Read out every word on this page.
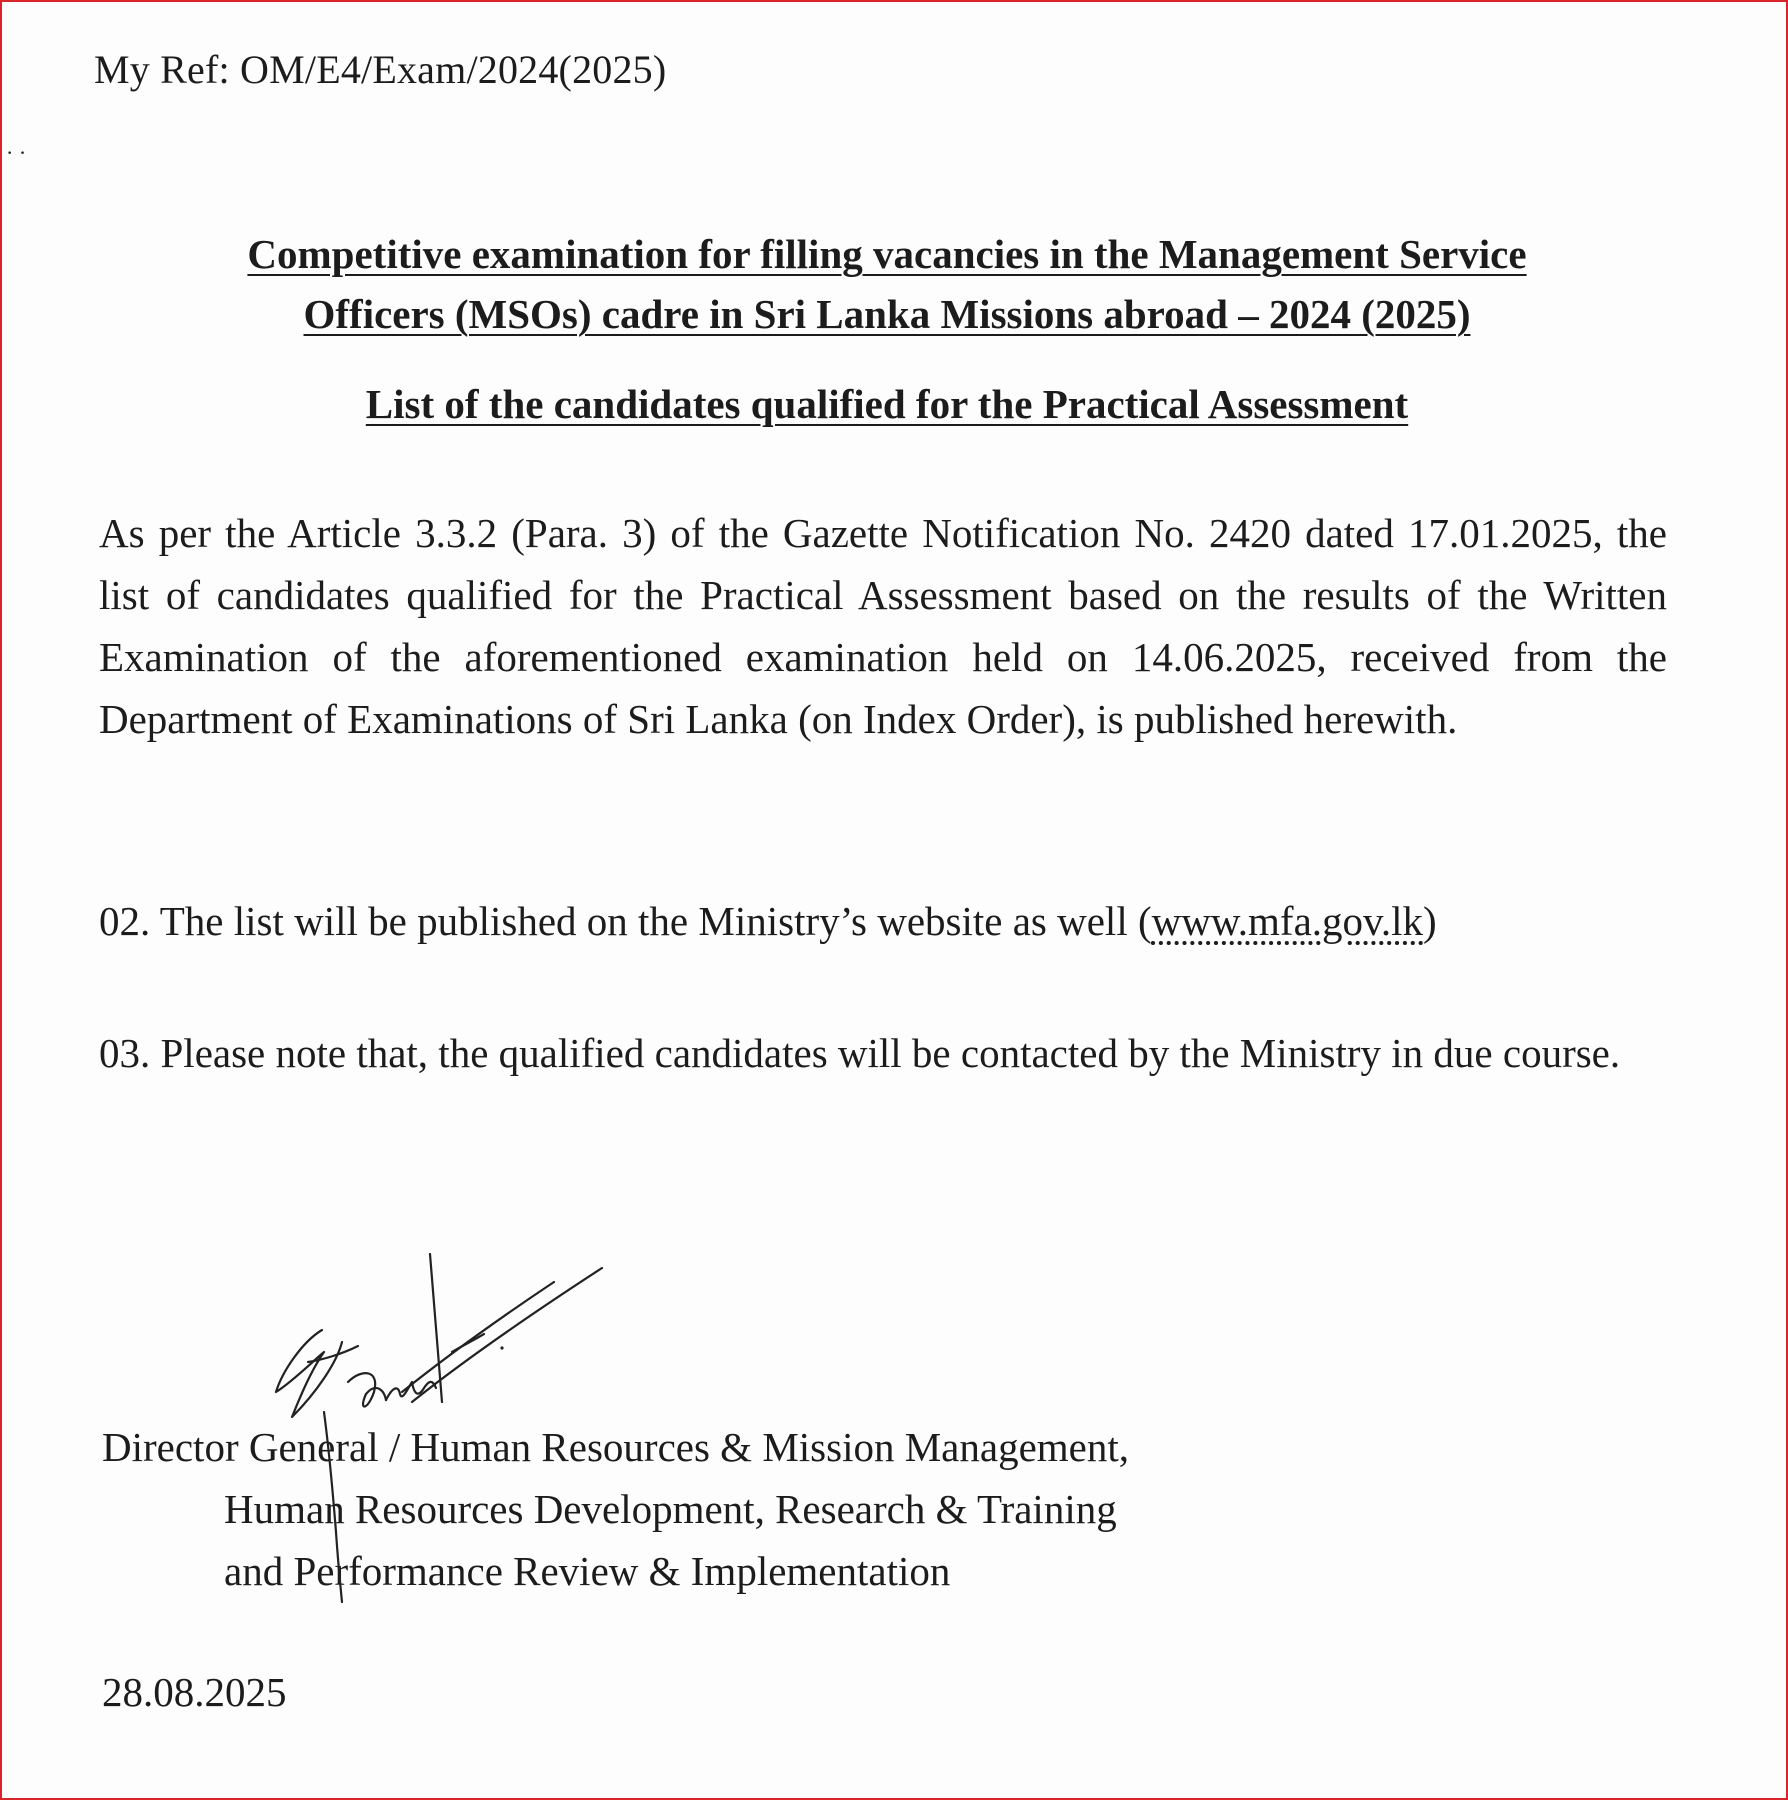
My Ref: OM/E4/Exam/2024(2025)
· ·
Competitive examination for filling vacancies in the Management Service
Officers (MSOs) cadre in Sri Lanka Missions abroad – 2024 (2025)
List of the candidates qualified for the Practical Assessment
As per the Article 3.3.2 (Para. 3) of the Gazette Notification No. 2420 dated 17.01.2025, the list of candidates qualified for the Practical Assessment based on the results of the Written Examination of the aforementioned examination held on 14.06.2025, received from the Department of Examinations of Sri Lanka (on Index Order), is published herewith.
02. The list will be published on the Ministry’s website as well (www.mfa.gov.lk)
03. Please note that, the qualified candidates will be contacted by the Ministry in due course.
Director General / Human Resources & Mission Management,
Human Resources Development, Research & Training
and Performance Review & Implementation
28.08.2025
